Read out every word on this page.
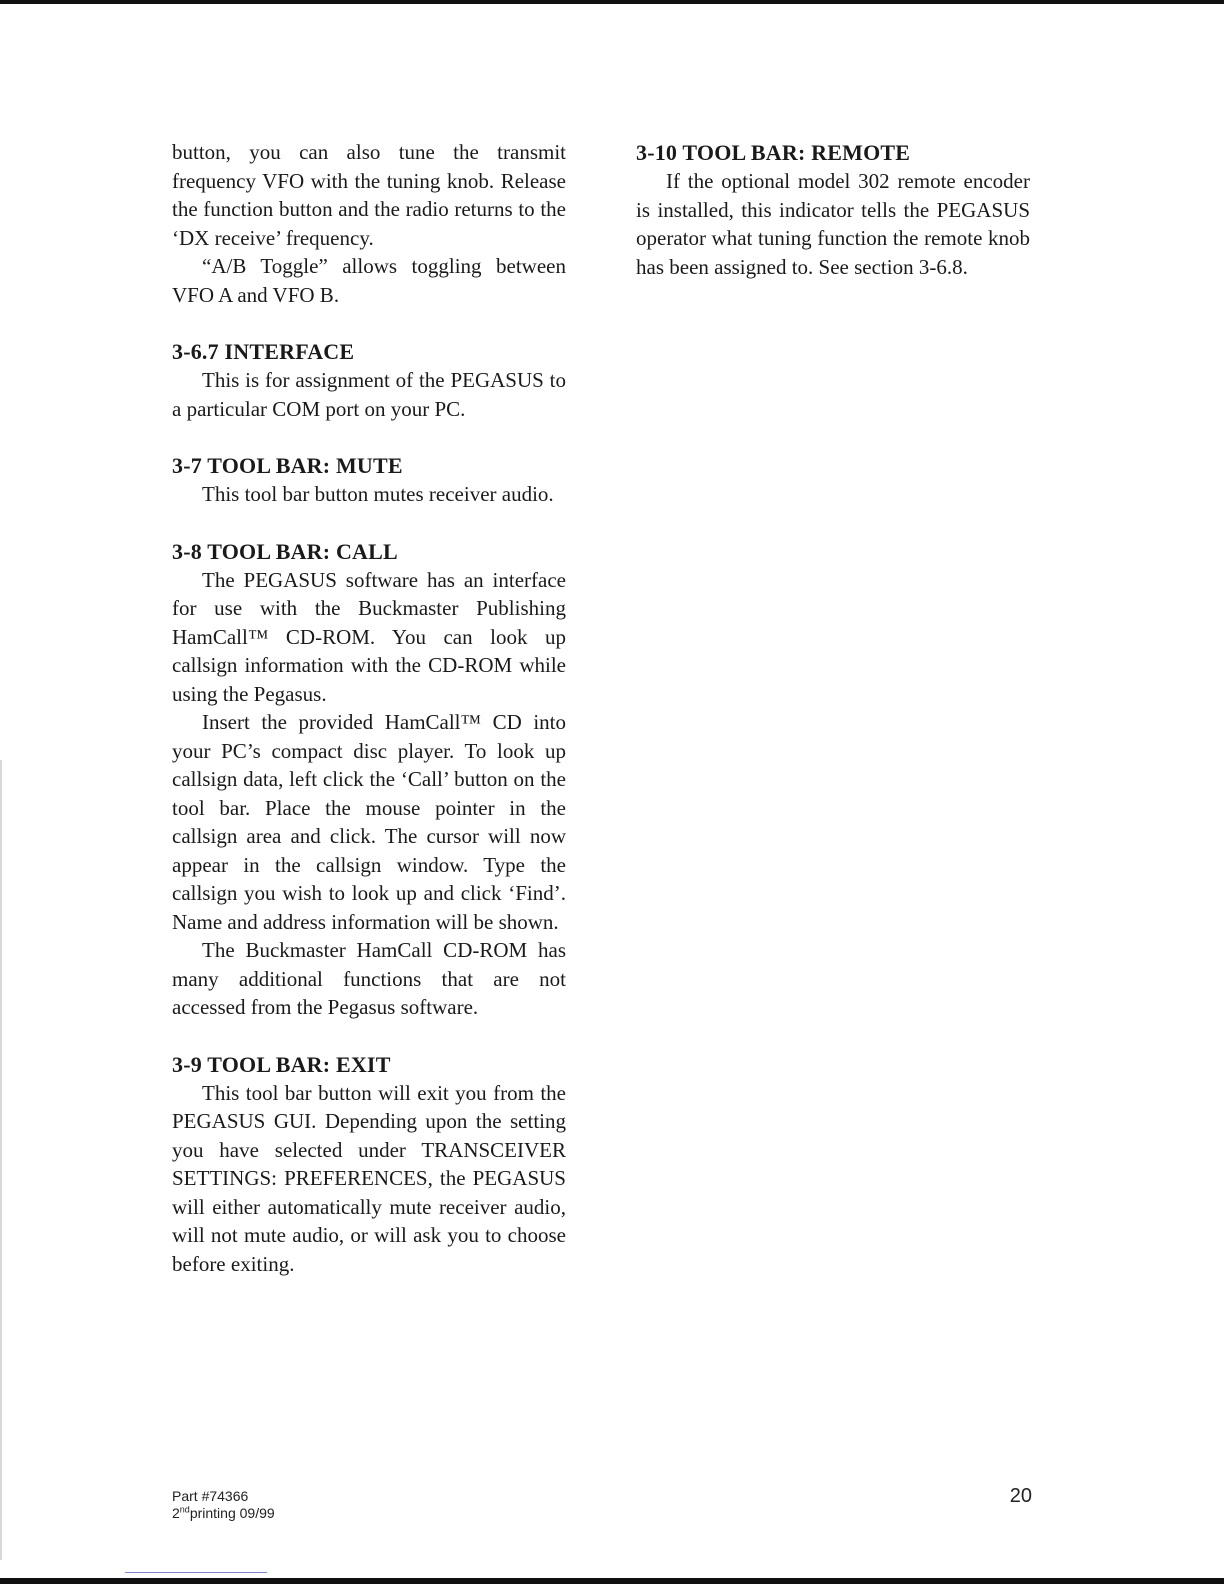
button, you can also tune the transmit frequency VFO with the tuning knob. Release the function button and the radio returns to the ‘DX receive’ frequency.

“A/B Toggle” allows toggling between VFO A and VFO B.

3-6.7 INTERFACE

This is for assignment of the PEGASUS to a particular COM port on your PC.

3-7 TOOL BAR: MUTE

This tool bar button mutes receiver audio.

3-8 TOOL BAR: CALL

The PEGASUS software has an interface for use with the Buckmaster Publishing HamCall™ CD-ROM. You can look up callsign information with the CD-ROM while using the Pegasus.

Insert the provided HamCall™ CD into your PC’s compact disc player. To look up callsign data, left click the ‘Call’ button on the tool bar. Place the mouse pointer in the callsign area and click. The cursor will now appear in the callsign window. Type the callsign you wish to look up and click ‘Find’. Name and address information will be shown.

The Buckmaster HamCall CD-ROM has many additional functions that are not accessed from the Pegasus software.

3-9 TOOL BAR: EXIT

This tool bar button will exit you from the PEGASUS GUI. Depending upon the setting you have selected under TRANSCEIVER SETTINGS: PREFERENCES, the PEGASUS will either automatically mute receiver audio, will not mute audio, or will ask you to choose before exiting.

3-10 TOOL BAR: REMOTE

If the optional model 302 remote encoder is installed, this indicator tells the PEGASUS operator what tuning function the remote knob has been assigned to. See section 3-6.8.

Part #74366
2ndprinting 09/99
20
